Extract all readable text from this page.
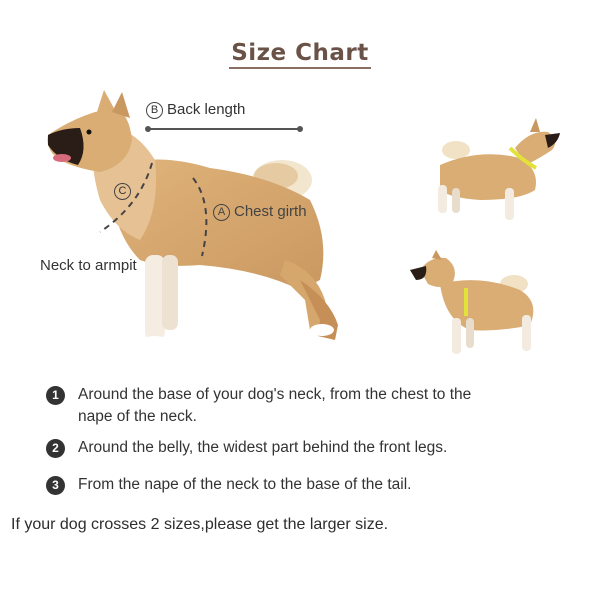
Size Chart
B Back length
C
A Chest girth
Neck to armpit
1	Around the base of your dog's neck, from the chest to the nape of the neck.
2	Around the belly, the widest part behind the front legs.
3	From the nape of the neck to the base of the tail.
If your dog crosses 2 sizes,please get the larger size.
